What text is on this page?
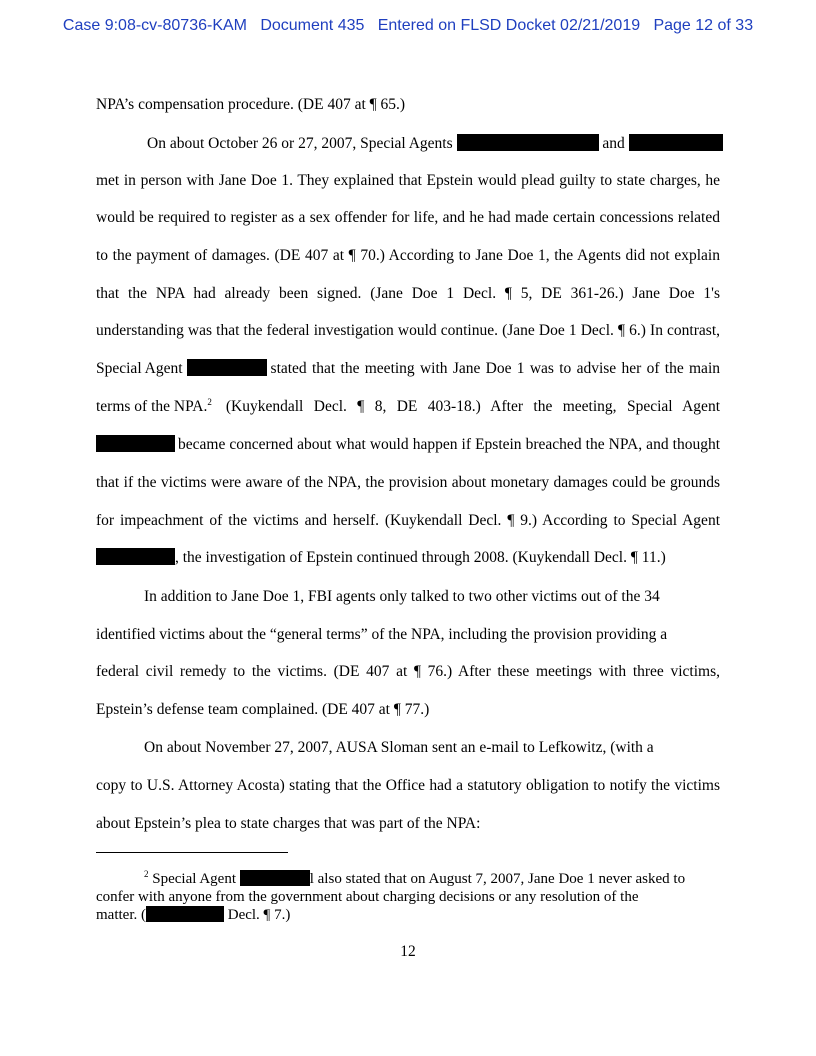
Case 9:08-cv-80736-KAM   Document 435   Entered on FLSD Docket 02/21/2019   Page 12 of 33
NPA’s compensation procedure. (DE 407 at ¶ 65.)
On about October 26 or 27, 2007, Special Agents	and
met in person with Jane Doe 1. They explained that Epstein would plead guilty to state charges, he
would be required to register as a sex offender for life, and he had made certain concessions related
to the payment of damages. (DE 407 at ¶ 70.) According to Jane Doe 1, the Agents did not explain
that the NPA had already been signed. (Jane Doe 1 Decl. ¶ 5, DE 361-26.) Jane Doe 1's
understanding was that the federal investigation would continue. (Jane Doe 1 Decl. ¶ 6.) In contrast,
Special Agent	stated that the meeting with Jane Doe 1 was to advise her of the main
terms of the NPA.$^2$ (Kuykendall Decl. ¶ 8, DE 403-18.) After the meeting, Special Agent
became concerned about what would happen if Epstein breached the NPA, and thought
that if the victims were aware of the NPA, the provision about monetary damages could be grounds
for impeachment of the victims and herself. (Kuykendall Decl. ¶ 9.) According to Special Agent
, the investigation of Epstein continued through 2008. (Kuykendall Decl. ¶ 11.)
In addition to Jane Doe 1, FBI agents only talked to two other victims out of the 34
identified victims about the “general terms” of the NPA, including the provision providing a
federal civil remedy to the victims. (DE 407 at ¶ 76.) After these meetings with three victims,
Epstein’s defense team complained. (DE 407 at ¶ 77.)
On about November 27, 2007, AUSA Sloman sent an e-mail to Lefkowitz, (with a
copy to U.S. Attorney Acosta) stating that the Office had a statutory obligation to notify the victims
about Epstein’s plea to state charges that was part of the NPA:
$^2$ Special Agent	l also stated that on August 7, 2007, Jane Doe 1 never asked to
confer with anyone from the government about charging decisions or any resolution of the
matter. (	Decl. ¶ 7.)
12
